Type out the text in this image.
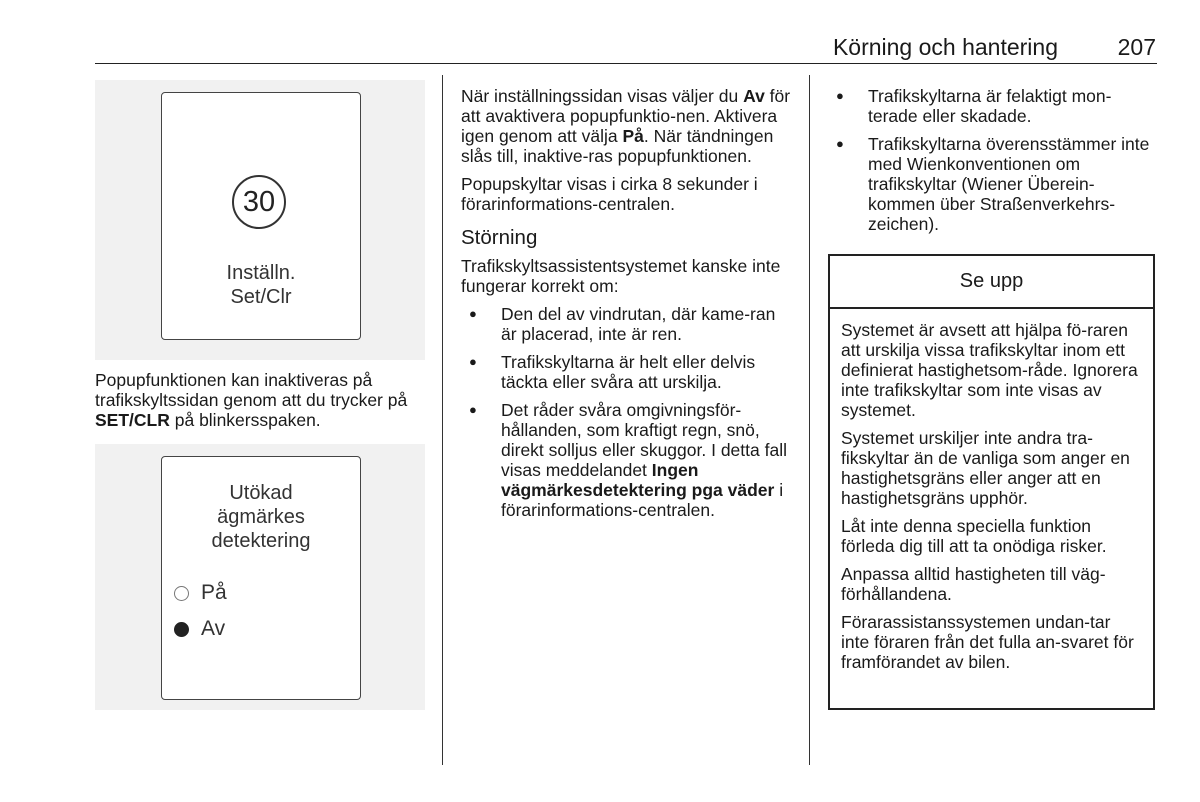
Körning och hantering	207
30
Inställn.
Set/Clr

Popupfunktionen kan inaktiveras på trafikskyltssidan genom att du trycker på SET/CLR på blinkersspaken.

Utökad
ägmärkes
detektering
På
Av

När inställningssidan visas väljer du Av för att avaktivera popupfunktio-nen. Aktivera igen genom att välja På. När tändningen slås till, inaktive-ras popupfunktionen.

Popupskyltar visas i cirka 8 sekunder i förarinformations-centralen.

Störning

Trafikskyltsassistentsystemet kanske inte fungerar korrekt om:

● Den del av vindrutan, där kame-ran är placerad, inte är ren.
● Trafikskyltarna är helt eller delvis täckta eller svåra att urskilja.
● Det råder svåra omgivningsför-hållanden, som kraftigt regn, snö, direkt solljus eller skuggor. I detta fall visas meddelandet Ingen vägmärkesdetektering pga väder i förarinformations-centralen.
● Trafikskyltarna är felaktigt mon-terade eller skadade.
● Trafikskyltarna överensstämmer inte med Wienkonventionen om trafikskyltar (Wiener Überein-kommen über Straßenverkehrs-zeichen).
Se upp

Systemet är avsett att hjälpa fö-raren att urskilja vissa trafikskyltar inom ett definierat hastighetsom-råde. Ignorera inte trafikskyltar som inte visas av systemet.

Systemet urskiljer inte andra tra-fikskyltar än de vanliga som anger en hastighetsgräns eller anger att en hastighetsgräns upphör.

Låt inte denna speciella funktion förleda dig till att ta onödiga risker.

Anpassa alltid hastigheten till väg-förhållandena.

Förarassistanssystemen undan-tar inte föraren från det fulla an-svaret för framförandet av bilen.
